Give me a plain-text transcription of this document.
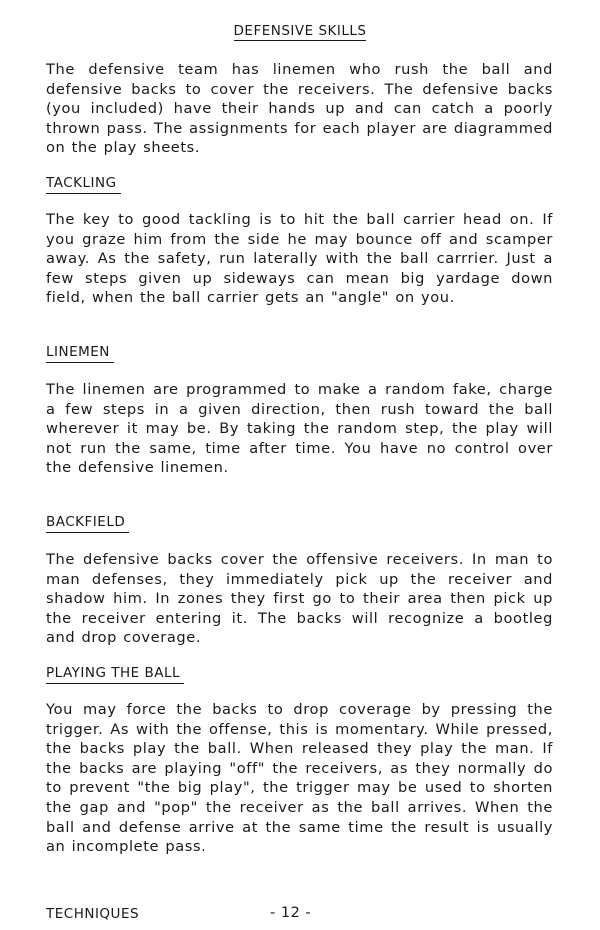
DEFENSIVE SKILLS

The defensive team has linemen who rush the ball and defensive backs to cover the receivers. The defensive backs (you included) have their hands up and can catch a poorly thrown pass. The assignments for each player are diagrammed on the play sheets.

TACKLING

The key to good tackling is to hit the ball carrier head on. If you graze him from the side he may bounce off and scamper away. As the safety, run laterally with the ball carrrier. Just a few steps given up sideways can mean big yardage down field, when the ball carrier gets an "angle" on you.

LINEMEN

The linemen are programmed to make a random fake, charge a few steps in a given direction, then rush toward the ball wherever it may be. By taking the random step, the play will not run the same, time after time. You have no control over the defensive linemen.

BACKFIELD

The defensive backs cover the offensive receivers. In man to man defenses, they immediately pick up the receiver and shadow him. In zones they first go to their area then pick up the receiver entering it. The backs will recognize a bootleg and drop coverage.

PLAYING THE BALL

You may force the backs to drop coverage by pressing the trigger. As with the offense, this is momentary. While pressed, the backs play the ball. When released they play the man. If the backs are playing "off" the receivers, as they normally do to prevent "the big play", the trigger may be used to shorten the gap and "pop" the receiver as the ball arrives. When the ball and defense arrive at the same time the result is usually an incomplete pass.

TECHNIQUES	- 12 -
